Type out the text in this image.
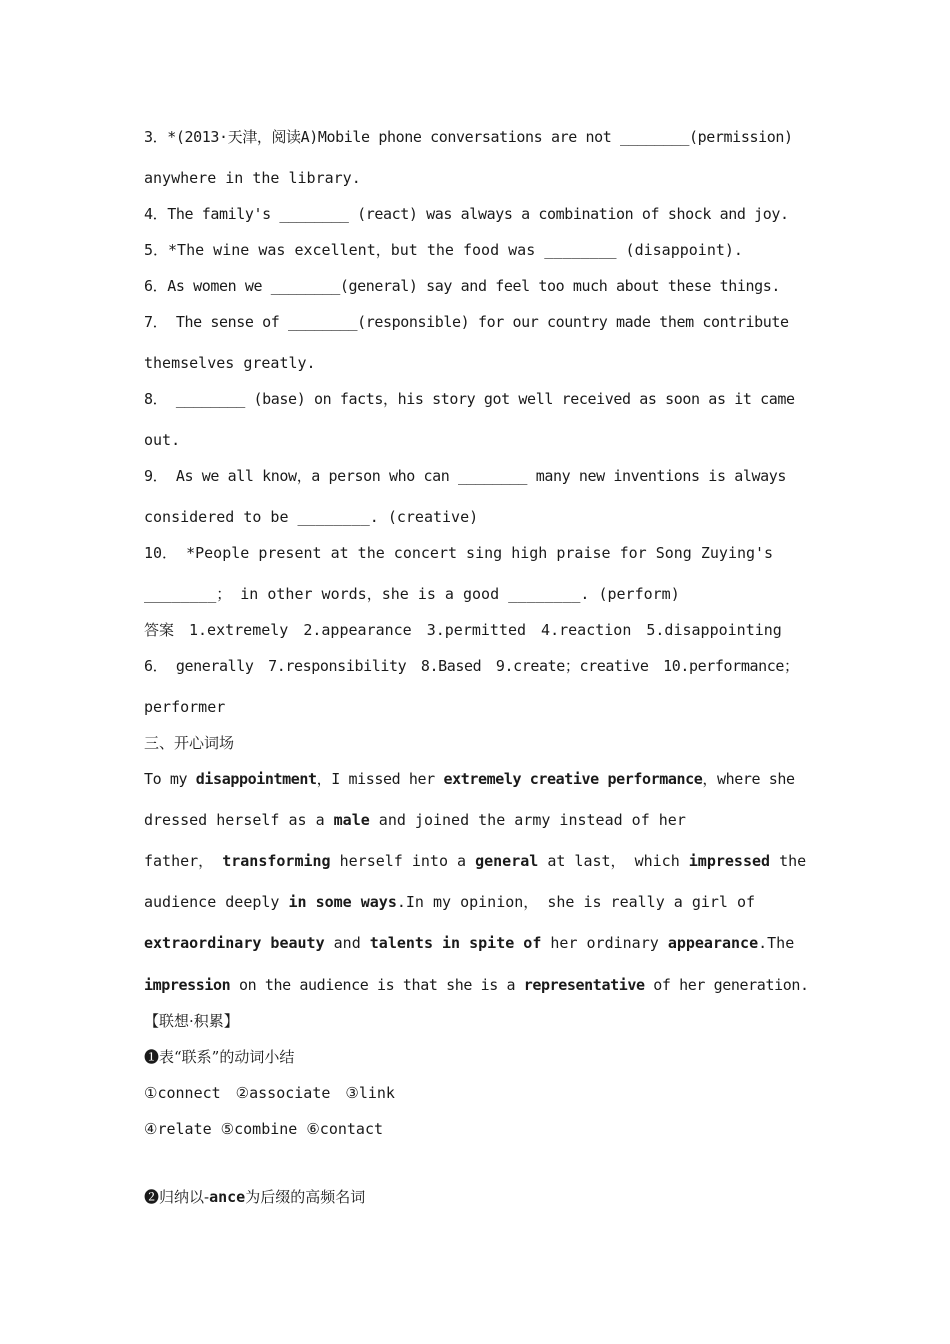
3．*(2013·天津，阅读A)Mobile phone conversations are not ________(permission)
anywhere in the library.
4．The family's ________ (react) was always a combination of shock and joy.
5．*The wine was excellent，but the food was ________ (disappoint).
6．As women we ________(general) say and feel too much about these things.
7． The sense of ________(responsible) for our country made them contribute
themselves greatly.
8． ________ (base) on facts，his story got well received as soon as it came
out.
9． As we all know，a person who can ________ many new inventions is always
considered to be ________. (creative)
10． *People present at the concert sing high praise for Song Zuying's
________； in other words，she is a good ________. (perform)
答案　1.extremely　2.appearance　3.permitted　4.reaction　5.disappointing
6． generally　7.responsibility　8.Based　9.create；creative　10.performance；
performer
三、开心词场
To my disappointment，I missed her extremely creative performance，where she
dressed herself as a male and joined the army instead of her
father， transforming herself into a general at last， which impressed the
audience deeply in some ways.In my opinion， she is really a girl of
extraordinary beauty and talents in spite of her ordinary appearance.The
impression on the audience is that she is a representative of her generation.
【联想·积累】
❶表“联系”的动词小结
①connect　②associate　③link
④relate ⑤combine ⑥contact
❷归纳以-ance为后缀的高频名词
